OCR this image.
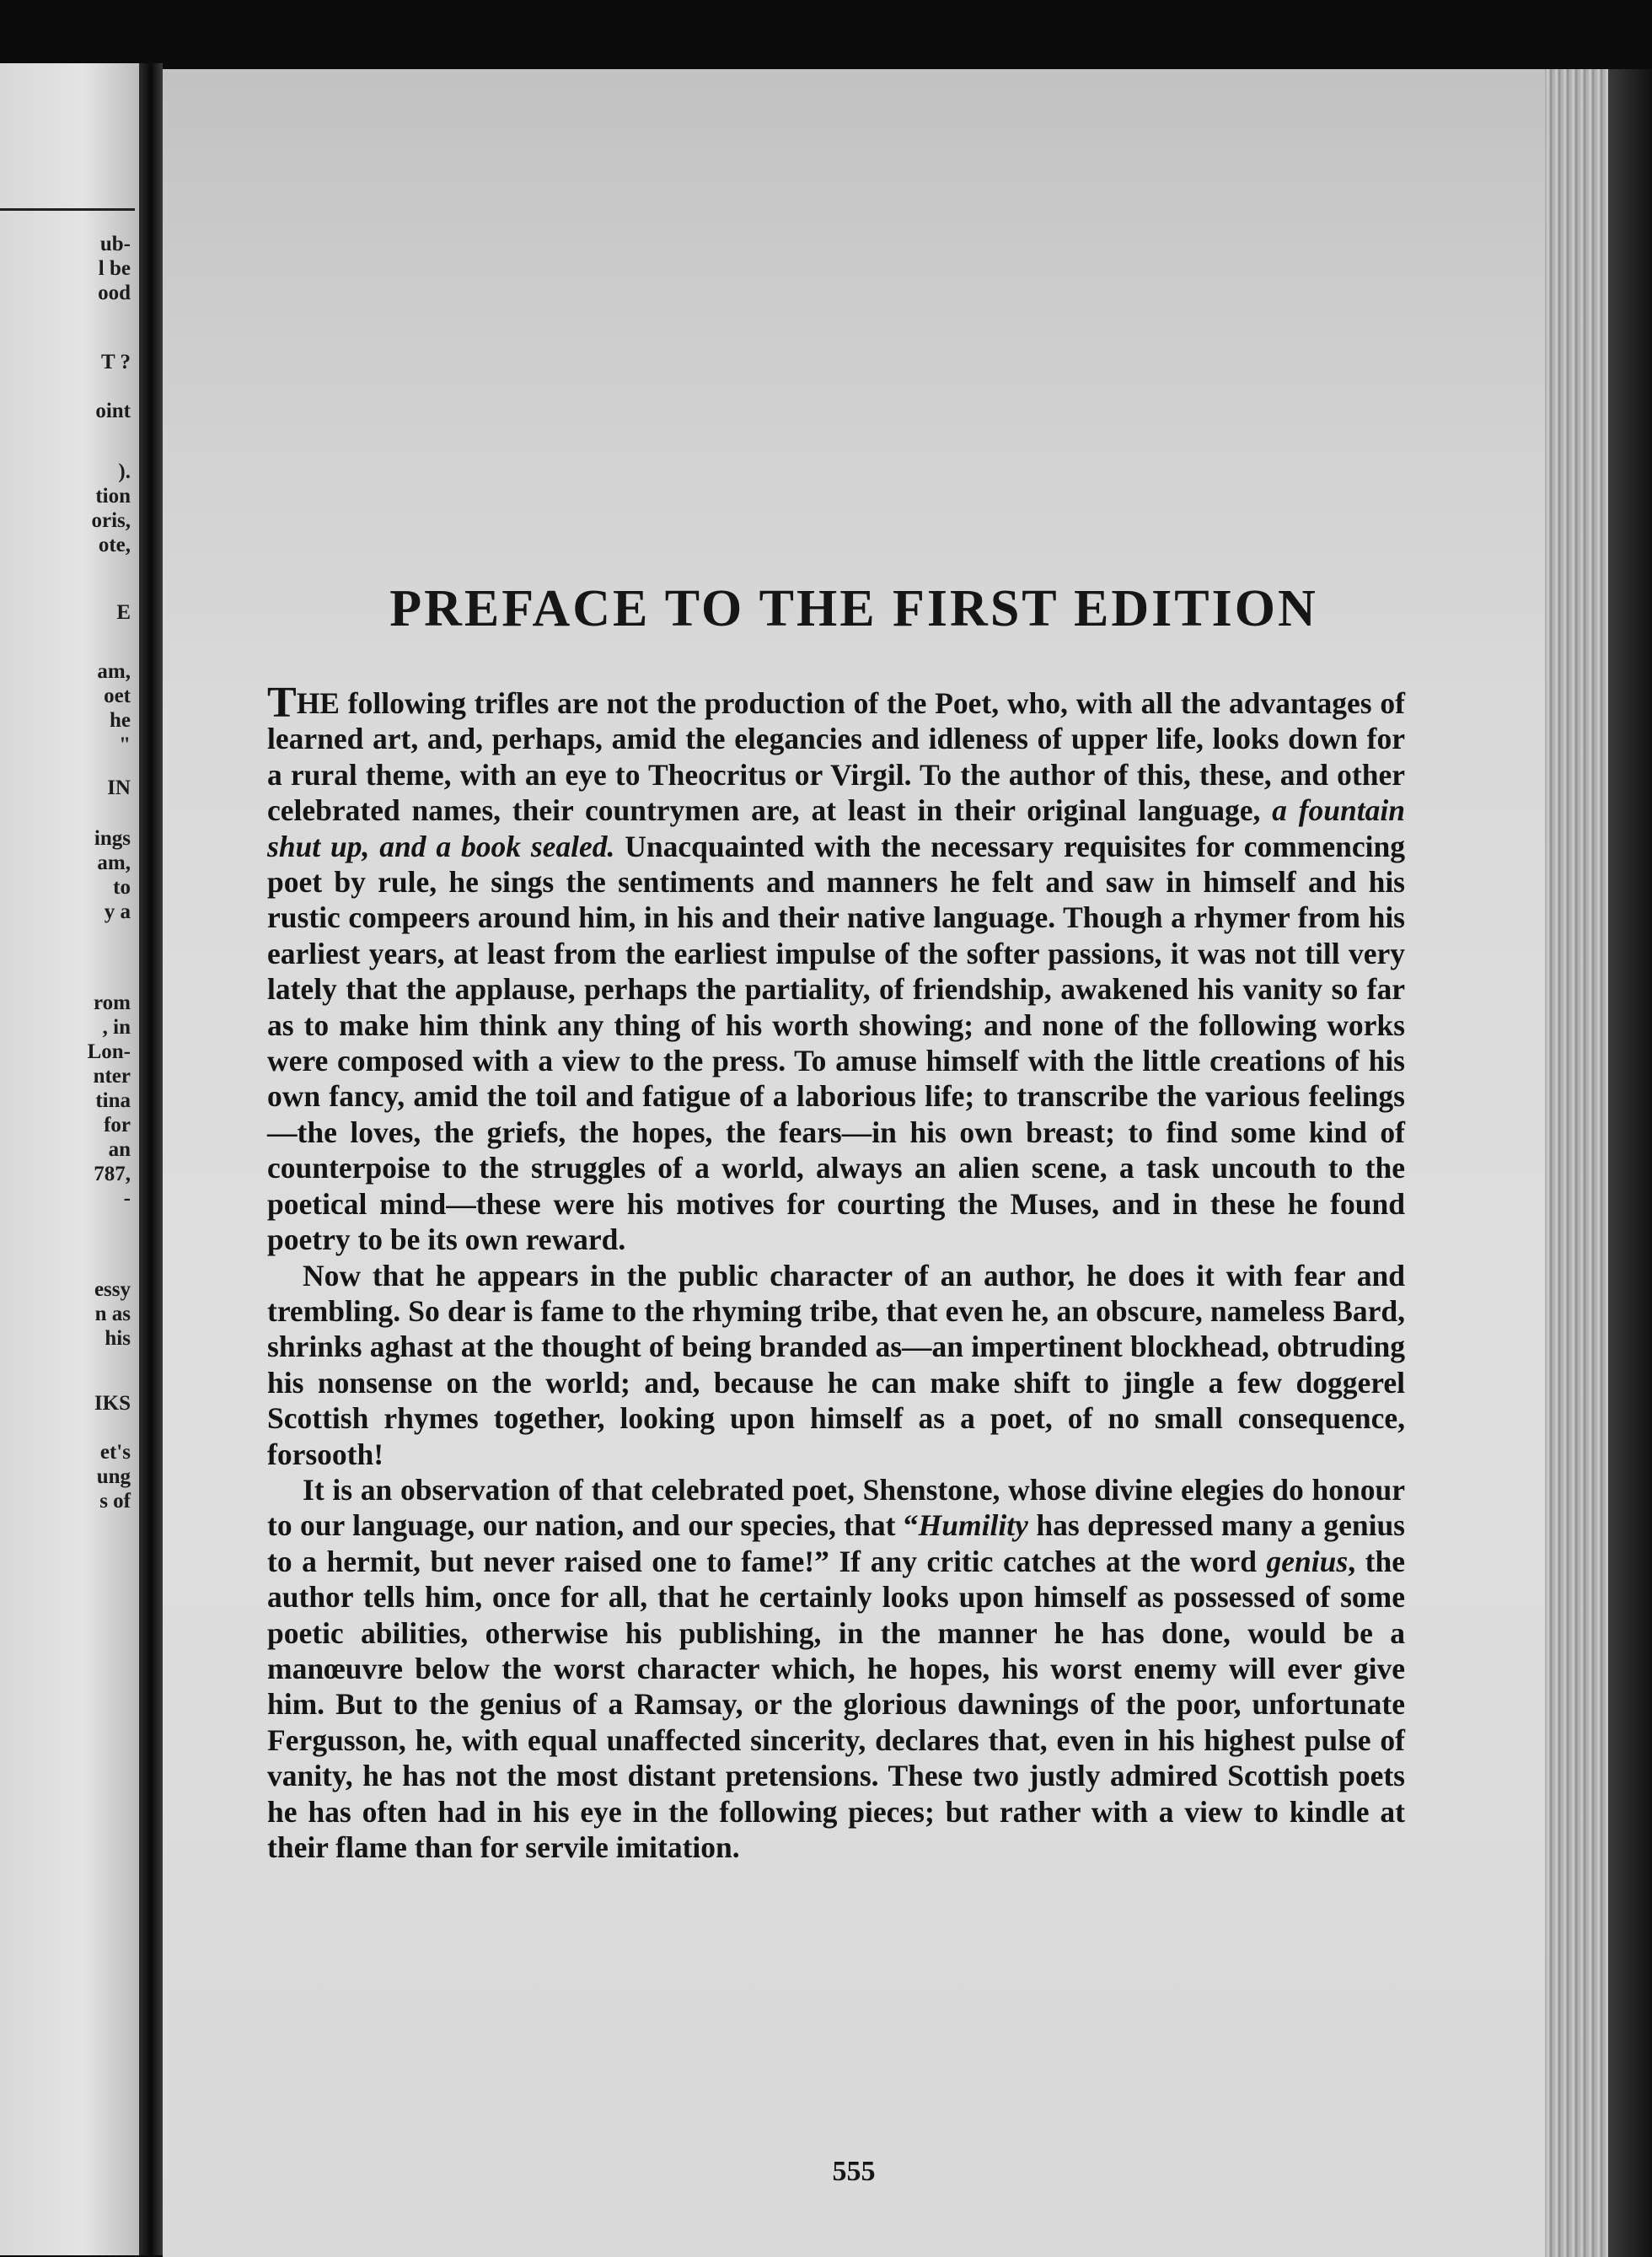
ub-

l be

ood

T ?

oint

).

tion

oris,

ote,

E

am,

oet

he

"

IN

ings

am,

to

y a

rom

, in

Lon-

nter

tina

for

an

787,

-

essy

n as

his

IKS

et's

ung

s of

PREFACE TO THE FIRST EDITION

THE following trifles are not the production of the Poet, who, with all the advantages of learned art, and, perhaps, amid the elegancies and idleness of upper life, looks down for a rural theme, with an eye to Theocritus or Virgil. To the author of this, these, and other celebrated names, their countrymen are, at least in their original language, a fountain shut up, and a book sealed. Unacquainted with the necessary requisites for commencing poet by rule, he sings the sentiments and manners he felt and saw in himself and his rustic compeers around him, in his and their native language. Though a rhymer from his earliest years, at least from the earliest impulse of the softer passions, it was not till very lately that the applause, perhaps the partiality, of friendship, awakened his vanity so far as to make him think any thing of his worth showing; and none of the following works were composed with a view to the press. To amuse himself with the little creations of his own fancy, amid the toil and fatigue of a laborious life; to transcribe the various feelings —the loves, the griefs, the hopes, the fears—in his own breast; to find some kind of counterpoise to the struggles of a world, always an alien scene, a task uncouth to the poetical mind—these were his motives for courting the Muses, and in these he found poetry to be its own reward.

Now that he appears in the public character of an author, he does it with fear and trembling. So dear is fame to the rhyming tribe, that even he, an obscure, nameless Bard, shrinks aghast at the thought of being branded as—an impertinent blockhead, obtruding his nonsense on the world; and, because he can make shift to jingle a few doggerel Scottish rhymes together, looking upon himself as a poet, of no small consequence, forsooth!

It is an observation of that celebrated poet, Shenstone, whose divine elegies do honour to our language, our nation, and our species, that “Humility has depressed many a genius to a hermit, but never raised one to fame!” If any critic catches at the word genius, the author tells him, once for all, that he certainly looks upon himself as possessed of some poetic abilities, otherwise his publishing, in the manner he has done, would be a manœuvre below the worst character which, he hopes, his worst enemy will ever give him. But to the genius of a Ramsay, or the glorious dawnings of the poor, unfortunate Fergusson, he, with equal unaffected sincerity, declares that, even in his highest pulse of vanity, he has not the most distant pretensions. These two justly admired Scottish poets he has often had in his eye in the following pieces; but rather with a view to kindle at their flame than for servile imitation.

555
